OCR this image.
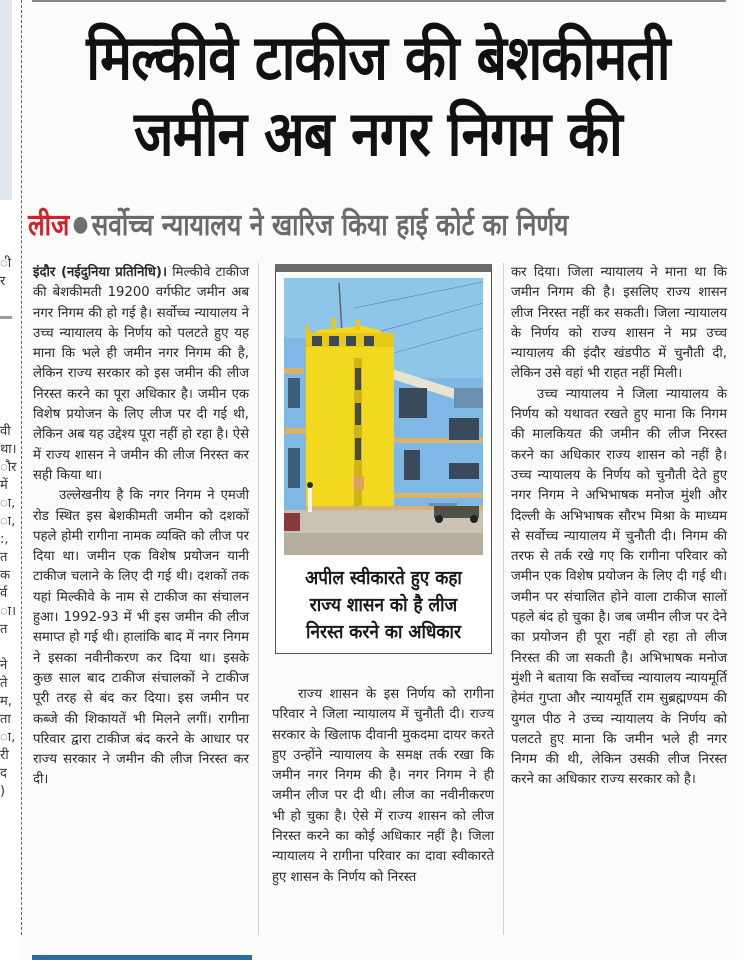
ी
र
वी
था।
ौर
में
ा,
ा,
:,
त
क
र्व
ा।
त

ने
ते
म,
ता
ा,
री
द
)
मिल्कीवे टाकीज की बेशकीमती
जमीन अब नगर निगम की
लीज ● सर्वोच्च न्यायालय ने खारिज किया हाई कोर्ट का निर्णय

इंदौर (नईदुनिया प्रतिनिधि)। मिल्कीवे टाकीज की बेशकीमती 19200 वर्गफीट जमीन अब नगर निगम की हो गई है। सर्वोच्च न्यायालय ने उच्च न्यायालय के निर्णय को पलटते हुए यह माना कि भले ही जमीन नगर निगम की है, लेकिन राज्य सरकार को इस जमीन की लीज निरस्त करने का पूरा अधिकार है। जमीन एक विशेष प्रयोजन के लिए लीज पर दी गई थी, लेकिन अब यह उद्देश्य पूरा नहीं हो रहा है। ऐसे में राज्य शासन ने जमीन की लीज निरस्त कर सही किया था।

उल्लेखनीय है कि नगर निगम ने एमजी रोड स्थित इस बेशकीमती जमीन को दशकों पहले होमी रागीना नामक व्यक्ति को लीज पर दिया था। जमीन एक विशेष प्रयोजन यानी टाकीज चलाने के लिए दी गई थी। दशकों तक यहां मिल्कीवे के नाम से टाकीज का संचालन हुआ। 1992-93 में भी इस जमीन की लीज समाप्त हो गई थी। हालांकि बाद में नगर निगम ने इसका नवीनीकरण कर दिया था। इसके कुछ साल बाद टाकीज संचालकों ने टाकीज पूरी तरह से बंद कर दिया। इस जमीन पर कब्जे की शिकायतें भी मिलने लगीं। रागीना परिवार द्वारा टाकीज बंद करने के आधार पर राज्य सरकार ने जमीन की लीज निरस्त कर दी।

अपील स्वीकारते हुए कहा राज्य शासन को है लीज निरस्त करने का अधिकार

राज्य शासन के इस निर्णय को रागीना परिवार ने जिला न्यायालय में चुनौती दी। राज्य सरकार के खिलाफ दीवानी मुकदमा दायर करते हुए उन्होंने न्यायालय के समक्ष तर्क रखा कि जमीन नगर निगम की है। नगर निगम ने ही जमीन लीज पर दी थी। लीज का नवीनीकरण भी हो चुका है। ऐसे में राज्य शासन को लीज निरस्त करने का कोई अधिकार नहीं है। जिला न्यायालय ने रागीना परिवार का दावा स्वीकारते हुए शासन के निर्णय को निरस्त

कर दिया। जिला न्यायालय ने माना था कि जमीन निगम की है। इसलिए राज्य शासन लीज निरस्त नहीं कर सकती। जिला न्यायालय के निर्णय को राज्य शासन ने मप्र उच्च न्यायालय की इंदौर खंडपीठ में चुनौती दी, लेकिन उसे वहां भी राहत नहीं मिली।

उच्च न्यायालय ने जिला न्यायालय के निर्णय को यथावत रखते हुए माना कि निगम की मालकियत की जमीन की लीज निरस्त करने का अधिकार राज्य शासन को नहीं है। उच्च न्यायालय के निर्णय को चुनौती देते हुए नगर निगम ने अभिभाषक मनोज मुंशी और दिल्ली के अभिभाषक सौरभ मिश्रा के माध्यम से सर्वोच्च न्यायालय में चुनौती दी। निगम की तरफ से तर्क रखे गए कि रागीना परिवार को जमीन एक विशेष प्रयोजन के लिए दी गई थी। जमीन पर संचालित होने वाला टाकीज सालों पहले बंद हो चुका है। जब जमीन लीज पर देने का प्रयोजन ही पूरा नहीं हो रहा तो लीज निरस्त की जा सकती है। अभिभाषक मनोज मुंशी ने बताया कि सर्वोच्च न्यायालय न्यायमूर्ति हेमंत गुप्ता और न्यायमूर्ति राम सुब्रह्मण्यम की युगल पीठ ने उच्च न्यायालय के निर्णय को पलटते हुए माना कि जमीन भले ही नगर निगम की थी, लेकिन उसकी लीज निरस्त करने का अधिकार राज्य सरकार को है।
